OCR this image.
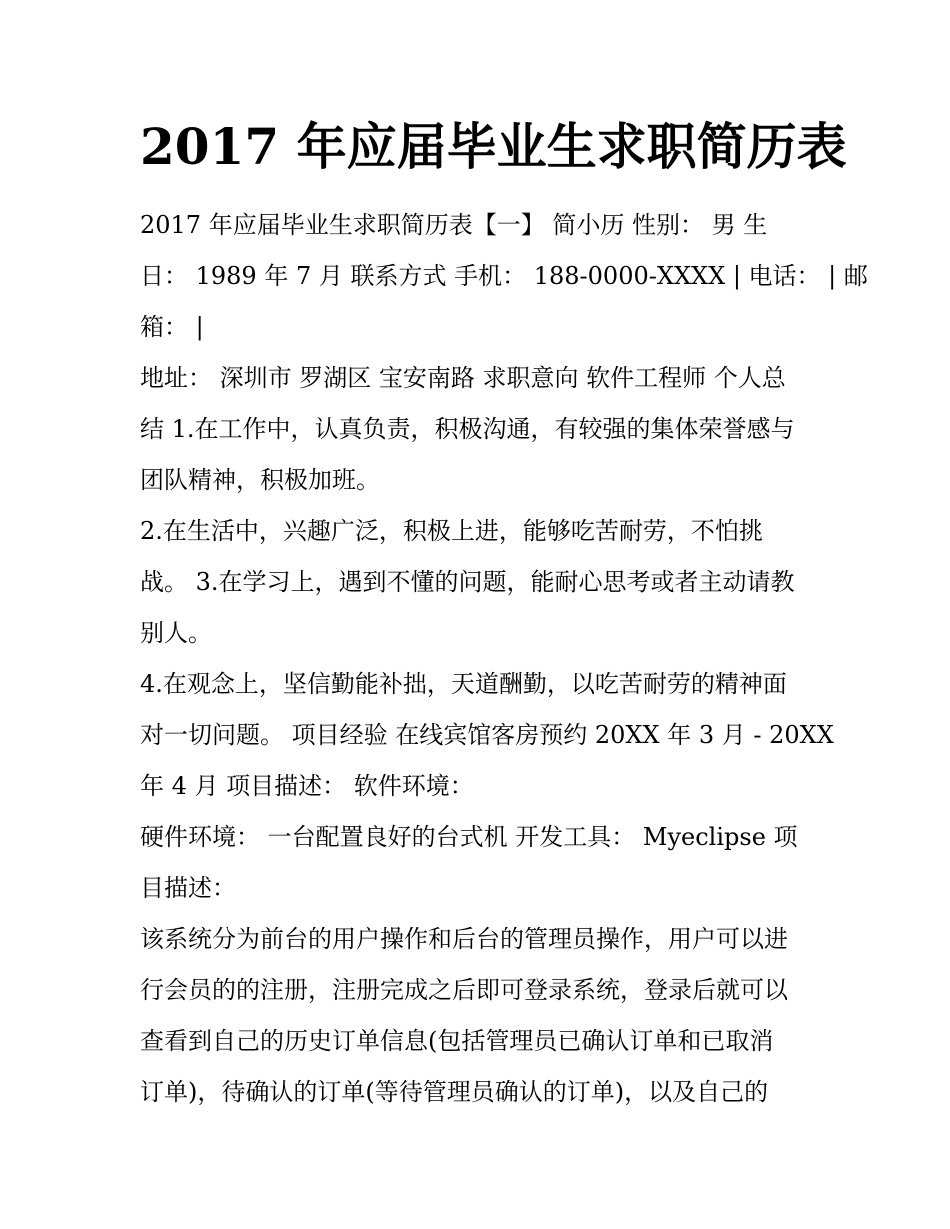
2017 年应届毕业生求职简历表

2017 年应届毕业生求职简历表【一】 简小历 性别： 男 生
日： 1989 年 7 月 联系方式 手机： 188-0000-XXXX | 电话： | 邮
箱： |

地址： 深圳市 罗湖区 宝安南路 求职意向 软件工程师 个人总
结 1.在工作中，认真负责，积极沟通，有较强的集体荣誉感与
团队精神，积极加班。

2.在生活中，兴趣广泛，积极上进，能够吃苦耐劳，不怕挑
战。 3.在学习上，遇到不懂的问题，能耐心思考或者主动请教
别人。

4.在观念上，坚信勤能补拙，天道酬勤，以吃苦耐劳的精神面
对一切问题。 项目经验 在线宾馆客房预约 20XX 年 3 月 - 20XX
年 4 月 项目描述： 软件环境：

硬件环境： 一台配置良好的台式机 开发工具： Myeclipse 项
目描述：

该系统分为前台的用户操作和后台的管理员操作，用户可以进
行会员的的注册，注册完成之后即可登录系统，登录后就可以
查看到自己的历史订单信息(包括管理员已确认订单和已取消
订单)，待确认的订单(等待管理员确认的订单)，以及自己的
